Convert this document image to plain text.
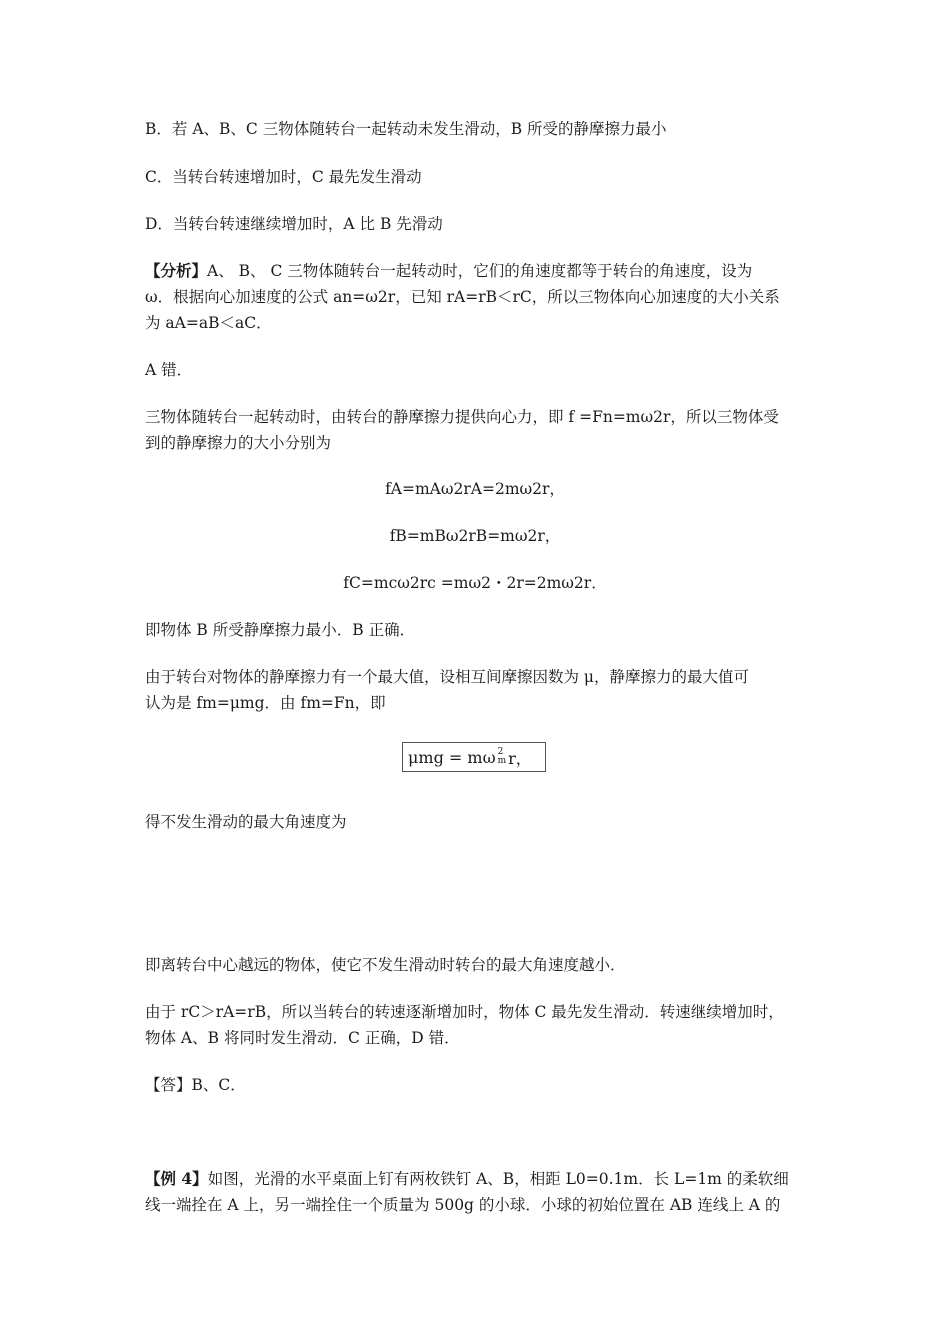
B．若 A、B、C 三物体随转台一起转动未发生滑动，B 所受的静摩擦力最小

C．当转台转速增加时，C 最先发生滑动

D．当转台转速继续增加时，A 比 B 先滑动

【分析】A、 B、 C 三物体随转台一起转动时，它们的角速度都等于转台的角速度，设为

ω．根据向心加速度的公式 an=ω2r，已知 rA=rB＜rC，所以三物体向心加速度的大小关系

为 aA=aB＜aC．

A 错．

三物体随转台一起转动时，由转台的静摩擦力提供向心力，即 f =Fn=mω2r，所以三物体受

到的静摩擦力的大小分别为

fA=mAω2rA=2mω2r，

fB=mBω2rB=mω2r，

fC=mcω2rc =mω2・2r=2mω2r．

即物体 B 所受静摩擦力最小．B 正确．

由于转台对物体的静摩擦力有一个最大值，设相互间摩擦因数为 μ，静摩擦力的最大值可

认为是 fm=μmg．由 fm=Fn，即

μmg = mω 2
m r，

得不发生滑动的最大角速度为

即离转台中心越远的物体，使它不发生滑动时转台的最大角速度越小．

由于 rC＞rA=rB，所以当转台的转速逐渐增加时，物体 C 最先发生滑动．转速继续增加时，

物体 A、B 将同时发生滑动．C 正确，D 错．

【答】B、C．

【例 4】如图，光滑的水平桌面上钉有两枚铁钉 A、B，相距 L0=0.1m．长 L=1m 的柔软细

线一端拴在 A 上，另一端拴住一个质量为 500g 的小球．小球的初始位置在 AB 连线上 A 的
